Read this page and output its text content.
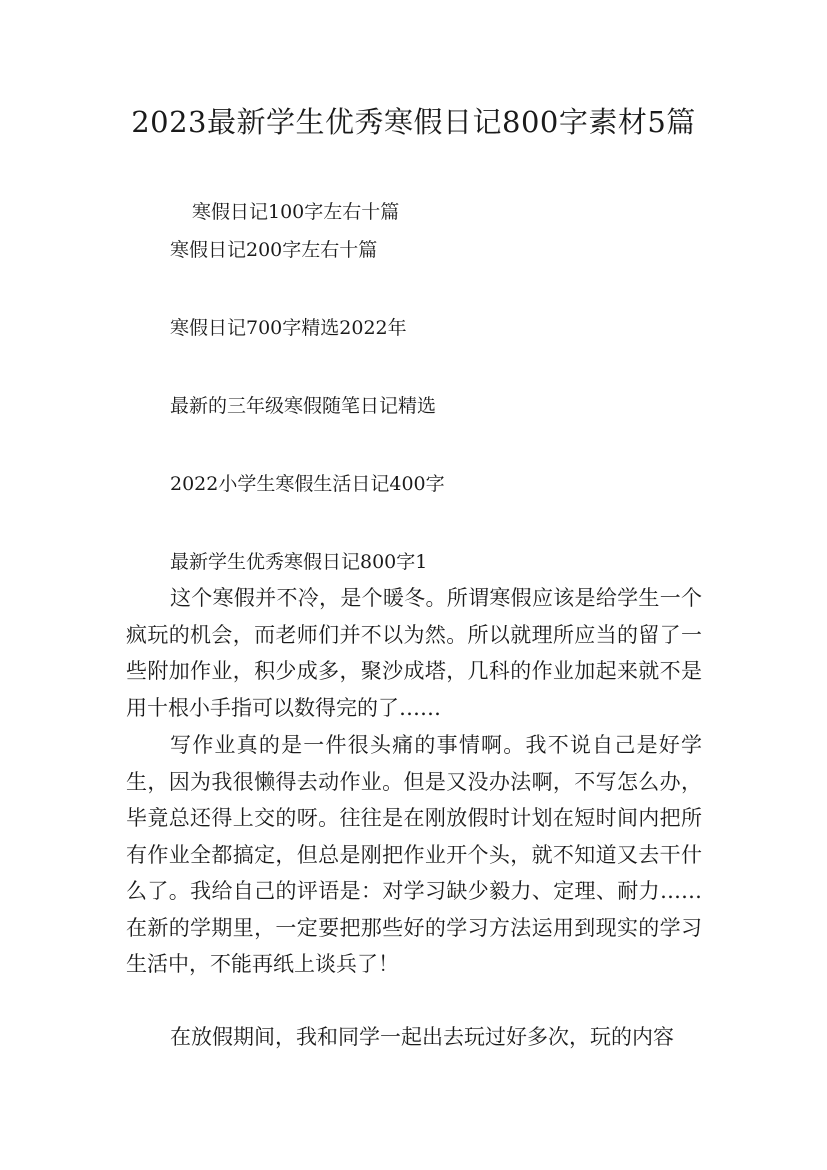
2023最新学生优秀寒假日记800字素材5篇
寒假日记100字左右十篇
寒假日记200字左右十篇
寒假日记700字精选2022年
最新的三年级寒假随笔日记精选
2022小学生寒假生活日记400字
最新学生优秀寒假日记800字1

这个寒假并不冷，是个暖冬。所谓寒假应该是给学生一个疯玩的机会，而老师们并不以为然。所以就理所应当的留了一些附加作业，积少成多，聚沙成塔，几科的作业加起来就不是用十根小手指可以数得完的了……

写作业真的是一件很头痛的事情啊。我不说自己是好学生，因为我很懒得去动作业。但是又没办法啊，不写怎么办，毕竟总还得上交的呀。往往是在刚放假时计划在短时间内把所有作业全都搞定，但总是刚把作业开个头，就不知道又去干什么了。我给自己的评语是：对学习缺少毅力、定理、耐力……在新的学期里，一定要把那些好的学习方法运用到现实的学习生活中，不能再纸上谈兵了！

在放假期间，我和同学一起出去玩过好多次，玩的内容
